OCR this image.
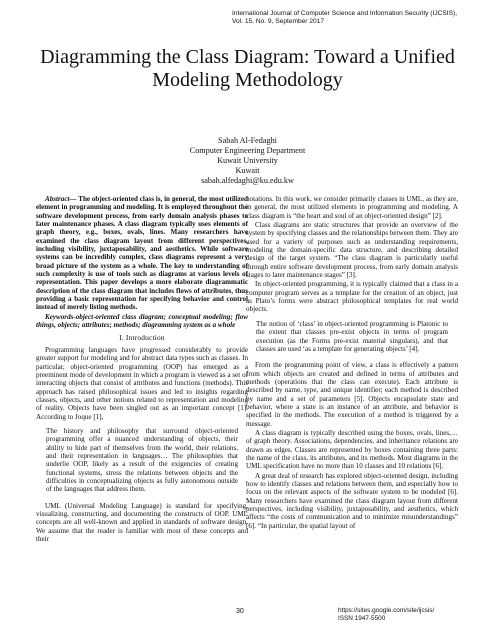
International Journal of Computer Science and Information Security (IJCSIS),
Vol. 15, No. 9, September 2017
Diagramming the Class Diagram: Toward a Unified Modeling Methodology
Sabah Al-Fedaghi
Computer Engineering Department
Kuwait University
Kuwait
sabah.alfedaghi@ku.edu.kw

Abstract— The object-oriented class is, in general, the most utilized element in programming and modeling. It is employed throughout the software development process, from early domain analysis phases to later maintenance phases. A class diagram typically uses elements of graph theory, e.g., boxes, ovals, lines. Many researchers have examined the class diagram layout from different perspectives, including visibility, juxtaposability, and aesthetics. While software systems can be incredibly complex, class diagrams represent a very broad picture of the system as a whole. The key to understanding of such complexity is use of tools such as diagrams at various levels of representation. This paper develops a more elaborate diagrammatic description of the class diagram that includes flows of attributes, thus providing a basic representation for specifying behavior and control instead of merely listing methods.

Keywords-object-oriented class diagram; conceptual modeling; flow things, objects; attributes; methods; diagramming system as a whole

I. Introduction

Programming languages have progressed considerably to provide greater support for modeling and for abstract data types such as classes. In particular, object-oriented programming (OOP) has emerged as a preeminent mode of development in which a program is viewed as a set of interacting objects that consist of attributes and functions (methods). This approach has raised philosophical issues and led to insights regarding classes, objects, and other notions related to representation and modeling of reality. Objects have been singled out as an important concept [1]. According to Joque [1],

The history and philosophy that surround object-oriented programming offer a nuanced understanding of objects, their ability to hide part of themselves from the world, their relations, and their representation in languages… The philosophies that underlie OOP, likely as a result of the exigencies of creating functional systems, stress the relations between objects and the difficulties in conceptualizing objects as fully autonomous outside of the languages that address them.

UML (Universal Modeling Language) is standard for specifying, visualizing, constructing, and documenting the constructs of OOP. UML concepts are all well-known and applied in standards of software design. We assume that the reader is familiar with most of these concepts and their

notations. In this work, we consider primarily classes in UML, as they are, in general, the most utilized elements in programming and modeling. A class diagram is “the heart and soul of an object-oriented design” [2].

Class diagrams are static structures that provide an overview of the system by specifying classes and the relationships between them. They are used for a variety of purposes such as understanding requirements, modeling the domain-specific data structure, and describing detailed design of the target system. “The class diagram is particularly useful through entire software development process, from early domain analysis stages to later maintenance stages” [3].

In object-oriented programming, it is typically claimed that a class in a computer program serves as a template for the creation of an object, just as Plato’s forms were abstract philosophical templates for real world objects.

The notion of ‘class’ in object-oriented programming is Platonic to the extent that classes pre-exist objects in terms of program execution (as the Forms pre-exist material singulars), and that classes are used ‘as a template for generating objects’ [4].

From the programming point of view, a class is effectively a pattern from which objects are created and defined in terms of attributes and methods (operations that the class can execute). Each attribute is described by name, type, and unique identifier; each method is described by name and a set of parameters [5]. Objects encapsulate state and behavior, where a state is an instance of an attribute, and behavior is specified in the methods. The execution of a method is triggered by a message.

A class diagram is typically described using the boxes, ovals, lines,… of graph theory. Associations, dependencies, and inheritance relations are drawn as edges. Classes are represented by boxes containing three parts: the name of the class, its attributes, and its methods. Most diagrams in the UML specification have no more than 10 classes and 10 relations [6].

A great deal of research has explored object-oriented design, including how to identify classes and relations between them, and especially how to focus on the relevant aspects of the software system to be modeled [6]. Many researchers have examined the class diagram layout from different perspectives, including visibility, juxtaposability, and aesthetics, which affects “the costs of communication and to minimize misunderstandings” [6]. “In particular, the spatial layout of

30	https://sites.google.com/site/ijcsis/
ISSN 1947-5500
